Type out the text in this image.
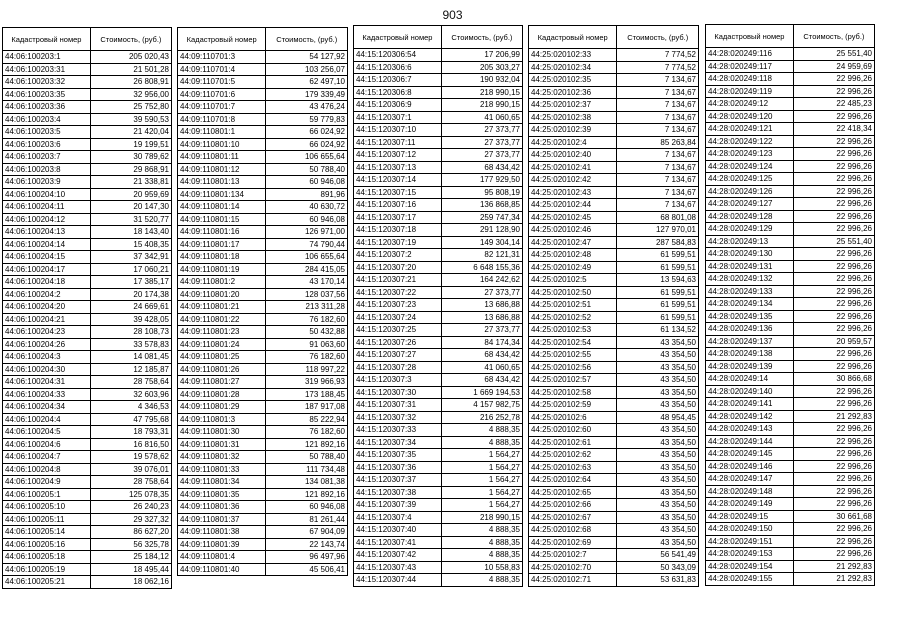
903
Кадастровый номер	Стоимость, (руб.)
44:06:100203:1	205 020,43
44:06:100203:31	21 501,28
44:06:100203:32	26 808,91
44:06:100203:35	32 956,00
44:06:100203:36	25 752,80
44:06:100203:4	39 590,53
44:06:100203:5	21 420,04
44:06:100203:6	19 199,51
44:06:100203:7	30 789,62
44:06:100203:8	29 868,91
44:06:100203:9	21 338,81
44:06:100204:10	20 959,69
44:06:100204:11	20 147,30
44:06:100204:12	31 520,77
44:06:100204:13	18 143,40
44:06:100204:14	15 408,35
44:06:100204:15	37 342,91
44:06:100204:17	17 060,21
44:06:100204:18	17 385,17
44:06:100204:2	20 174,38
44:06:100204:20	24 669,61
44:06:100204:21	39 428,05
44:06:100204:23	28 108,73
44:06:100204:26	33 578,83
44:06:100204:3	14 081,45
44:06:100204:30	12 185,87
44:06:100204:31	28 758,64
44:06:100204:33	32 603,96
44:06:100204:34	4 346,53
44:06:100204:4	47 795,68
44:06:100204:5	18 793,31
44:06:100204:6	16 816,50
44:06:100204:7	19 578,62
44:06:100204:8	39 076,01
44:06:100204:9	28 758,64
44:06:100205:1	125 078,35
44:06:100205:10	26 240,23
44:06:100205:11	29 327,32
44:06:100205:14	86 627,20
44:06:100205:16	56 325,78
44:06:100205:18	25 184,12
44:06:100205:19	18 495,44
44:06:100205:21	18 062,16
Кадастровый номер	Стоимость, (руб.)
44:09:110701:3	54 127,92
44:09:110701:4	103 256,07
44:09:110701:5	62 497,10
44:09:110701:6	179 339,49
44:09:110701:7	43 476,24
44:09:110701:8	59 779,83
44:09:110801:1	66 024,92
44:09:110801:10	66 024,92
44:09:110801:11	106 655,64
44:09:110801:12	50 788,40
44:09:110801:13	60 946,08
44:09:110801:134	891,96
44:09:110801:14	40 630,72
44:09:110801:15	60 946,08
44:09:110801:16	126 971,00
44:09:110801:17	74 790,44
44:09:110801:18	106 655,64
44:09:110801:19	284 415,05
44:09:110801:2	43 170,14
44:09:110801:20	128 037,56
44:09:110801:21	213 311,28
44:09:110801:22	76 182,60
44:09:110801:23	50 432,88
44:09:110801:24	91 063,60
44:09:110801:25	76 182,60
44:09:110801:26	118 997,22
44:09:110801:27	319 966,93
44:09:110801:28	173 188,45
44:09:110801:29	187 917,08
44:09:110801:3	85 222,94
44:09:110801:30	76 182,60
44:09:110801:31	121 892,16
44:09:110801:32	50 788,40
44:09:110801:33	111 734,48
44:09:110801:34	134 081,38
44:09:110801:35	121 892,16
44:09:110801:36	60 946,08
44:09:110801:37	81 261,44
44:09:110801:38	67 904,09
44:09:110801:39	22 143,74
44:09:110801:4	96 497,96
44:09:110801:40	45 506,41
Кадастровый номер	Стоимость, (руб.)
44:15:120306:54	17 206,99
44:15:120306:6	205 303,27
44:15:120306:7	190 932,04
44:15:120306:8	218 990,15
44:15:120306:9	218 990,15
44:15:120307:1	41 060,65
44:15:120307:10	27 373,77
44:15:120307:11	27 373,77
44:15:120307:12	27 373,77
44:15:120307:13	68 434,42
44:15:120307:14	177 929,50
44:15:120307:15	95 808,19
44:15:120307:16	136 868,85
44:15:120307:17	259 747,34
44:15:120307:18	291 128,90
44:15:120307:19	149 304,14
44:15:120307:2	82 121,31
44:15:120307:20	6 648 155,36
44:15:120307:21	164 242,62
44:15:120307:22	27 373,77
44:15:120307:23	13 686,88
44:15:120307:24	13 686,88
44:15:120307:25	27 373,77
44:15:120307:26	84 174,34
44:15:120307:27	68 434,42
44:15:120307:28	41 060,65
44:15:120307:3	68 434,42
44:15:120307:30	1 669 194,53
44:15:120307:31	4 157 982,75
44:15:120307:32	216 252,78
44:15:120307:33	4 888,35
44:15:120307:34	4 888,35
44:15:120307:35	1 564,27
44:15:120307:36	1 564,27
44:15:120307:37	1 564,27
44:15:120307:38	1 564,27
44:15:120307:39	1 564,27
44:15:120307:4	218 990,15
44:15:120307:40	4 888,35
44:15:120307:41	4 888,35
44:15:120307:42	4 888,35
44:15:120307:43	10 558,83
44:15:120307:44	4 888,35
Кадастровый номер	Стоимость, (руб.)
44:25:020102:33	7 774,52
44:25:020102:34	7 774,52
44:25:020102:35	7 134,67
44:25:020102:36	7 134,67
44:25:020102:37	7 134,67
44:25:020102:38	7 134,67
44:25:020102:39	7 134,67
44:25:020102:4	85 263,84
44:25:020102:40	7 134,67
44:25:020102:41	7 134,67
44:25:020102:42	7 134,67
44:25:020102:43	7 134,67
44:25:020102:44	7 134,67
44:25:020102:45	68 801,08
44:25:020102:46	127 970,01
44:25:020102:47	287 584,83
44:25:020102:48	61 599,51
44:25:020102:49	61 599,51
44:25:020102:5	13 594,63
44:25:020102:50	61 599,51
44:25:020102:51	61 599,51
44:25:020102:52	61 599,51
44:25:020102:53	61 134,52
44:25:020102:54	43 354,50
44:25:020102:55	43 354,50
44:25:020102:56	43 354,50
44:25:020102:57	43 354,50
44:25:020102:58	43 354,50
44:25:020102:59	43 354,50
44:25:020102:6	48 954,45
44:25:020102:60	43 354,50
44:25:020102:61	43 354,50
44:25:020102:62	43 354,50
44:25:020102:63	43 354,50
44:25:020102:64	43 354,50
44:25:020102:65	43 354,50
44:25:020102:66	43 354,50
44:25:020102:67	43 354,50
44:25:020102:68	43 354,50
44:25:020102:69	43 354,50
44:25:020102:7	56 541,49
44:25:020102:70	50 343,09
44:25:020102:71	53 631,83
Кадастровый номер	Стоимость, (руб.)
44:28:020249:116	25 551,40
44:28:020249:117	24 959,69
44:28:020249:118	22 996,26
44:28:020249:119	22 996,26
44:28:020249:12	22 485,23
44:28:020249:120	22 996,26
44:28:020249:121	22 418,34
44:28:020249:122	22 996,26
44:28:020249:123	22 996,26
44:28:020249:124	22 996,26
44:28:020249:125	22 996,26
44:28:020249:126	22 996,26
44:28:020249:127	22 996,26
44:28:020249:128	22 996,26
44:28:020249:129	22 996,26
44:28:020249:13	25 551,40
44:28:020249:130	22 996,26
44:28:020249:131	22 996,26
44:28:020249:132	22 996,26
44:28:020249:133	22 996,26
44:28:020249:134	22 996,26
44:28:020249:135	22 996,26
44:28:020249:136	22 996,26
44:28:020249:137	20 959,57
44:28:020249:138	22 996,26
44:28:020249:139	22 996,26
44:28:020249:14	30 866,68
44:28:020249:140	22 996,26
44:28:020249:141	22 996,26
44:28:020249:142	21 292,83
44:28:020249:143	22 996,26
44:28:020249:144	22 996,26
44:28:020249:145	22 996,26
44:28:020249:146	22 996,26
44:28:020249:147	22 996,26
44:28:020249:148	22 996,26
44:28:020249:149	22 996,26
44:28:020249:15	30 661,68
44:28:020249:150	22 996,26
44:28:020249:151	22 996,26
44:28:020249:153	22 996,26
44:28:020249:154	21 292,83
44:28:020249:155	21 292,83
